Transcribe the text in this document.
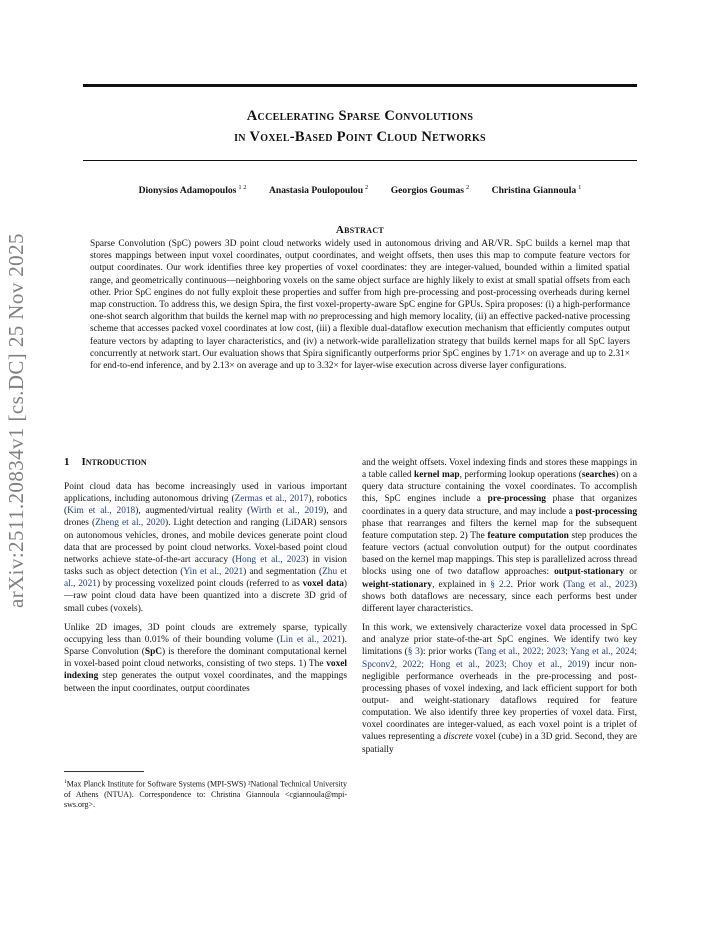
Accelerating Sparse Convolutions
in Voxel-Based Point Cloud Networks
Dionysios Adamopoulos $^{1 2}$ Anastasia Poulopoulou $^2$ Georgios Goumas $^2$ Christina Giannoula $^1$
Abstract
Sparse Convolution (SpC) powers 3D point cloud networks widely used in autonomous driving and AR/VR. SpC builds a kernel map that stores mappings between input voxel coordinates, output coordinates, and weight offsets, then uses this map to compute feature vectors for output coordinates. Our work identifies three key properties of voxel coordinates: they are integer-valued, bounded within a limited spatial range, and geometrically continuous—neighboring voxels on the same object surface are highly likely to exist at small spatial offsets from each other. Prior SpC engines do not fully exploit these properties and suffer from high pre-processing and post-processing overheads during kernel map construction. To address this, we design Spira, the first voxel-property-aware SpC engine for GPUs. Spira proposes: (i) a high-performance one-shot search algorithm that builds the kernel map with no preprocessing and high memory locality, (ii) an effective packed-native processing scheme that accesses packed voxel coordinates at low cost, (iii) a flexible dual-dataflow execution mechanism that efficiently computes output feature vectors by adapting to layer characteristics, and (iv) a network-wide parallelization strategy that builds kernel maps for all SpC layers concurrently at network start. Our evaluation shows that Spira significantly outperforms prior SpC engines by 1.71× on average and up to 2.31× for end-to-end inference, and by 2.13× on average and up to 3.32× for layer-wise execution across diverse layer configurations.
arXiv:2511.20834v1 [cs.DC] 25 Nov 2025	1 Introduction

Point cloud data has become increasingly used in various important applications, including autonomous driving (Zermas et al., 2017), robotics (Kim et al., 2018), augmented/virtual reality (Wirth et al., 2019), and drones (Zheng et al., 2020). Light detection and ranging (LiDAR) sensors on autonomous vehicles, drones, and mobile devices generate point cloud data that are processed by point cloud networks. Voxel-based point cloud networks achieve state-of-the-art accuracy (Hong et al., 2023) in vision tasks such as object detection (Yin et al., 2021) and segmentation (Zhu et al., 2021) by processing voxelized point clouds (referred to as voxel data)—raw point cloud data have been quantized into a discrete 3D grid of small cubes (voxels).

Unlike 2D images, 3D point clouds are extremely sparse, typically occupying less than 0.01% of their bounding volume (Lin et al., 2021). Sparse Convolution (SpC) is therefore the dominant computational kernel in voxel-based point cloud networks, consisting of two steps. 1) The voxel indexing step generates the output voxel coordinates, and the mappings between the input coordinates, output coordinates

$^1$Max Planck Institute for Software Systems (MPI-SWS) ²National Technical University of Athens (NTUA). Correspondence to: Christina Giannoula <cgiannoula@mpi-sws.org>.

and the weight offsets. Voxel indexing finds and stores these mappings in a table called kernel map, performing lookup operations (searches) on a query data structure containing the voxel coordinates. To accomplish this, SpC engines include a pre-processing phase that organizes coordinates in a query data structure, and may include a post-processing phase that rearranges and filters the kernel map for the subsequent feature computation step. 2) The feature computation step produces the feature vectors (actual convolution output) for the output coordinates based on the kernel map mappings. This step is parallelized across thread blocks using one of two dataflow approaches: output-stationary or weight-stationary, explained in § 2.2. Prior work (Tang et al., 2023) shows both dataflows are necessary, since each performs best under different layer characteristics.

In this work, we extensively characterize voxel data processed in SpC and analyze prior state-of-the-art SpC engines. We identify two key limitations (§ 3): prior works (Tang et al., 2022; 2023; Yang et al., 2024; Spconv2, 2022; Hong et al., 2023; Choy et al., 2019) incur non-negligible performance overheads in the pre-processing and post-processing phases of voxel indexing, and lack efficient support for both output- and weight-stationary dataflows required for feature computation. We also identify three key properties of voxel data. First, voxel coordinates are integer-valued, as each voxel point is a triplet of values representing a discrete voxel (cube) in a 3D grid. Second, they are spatially
